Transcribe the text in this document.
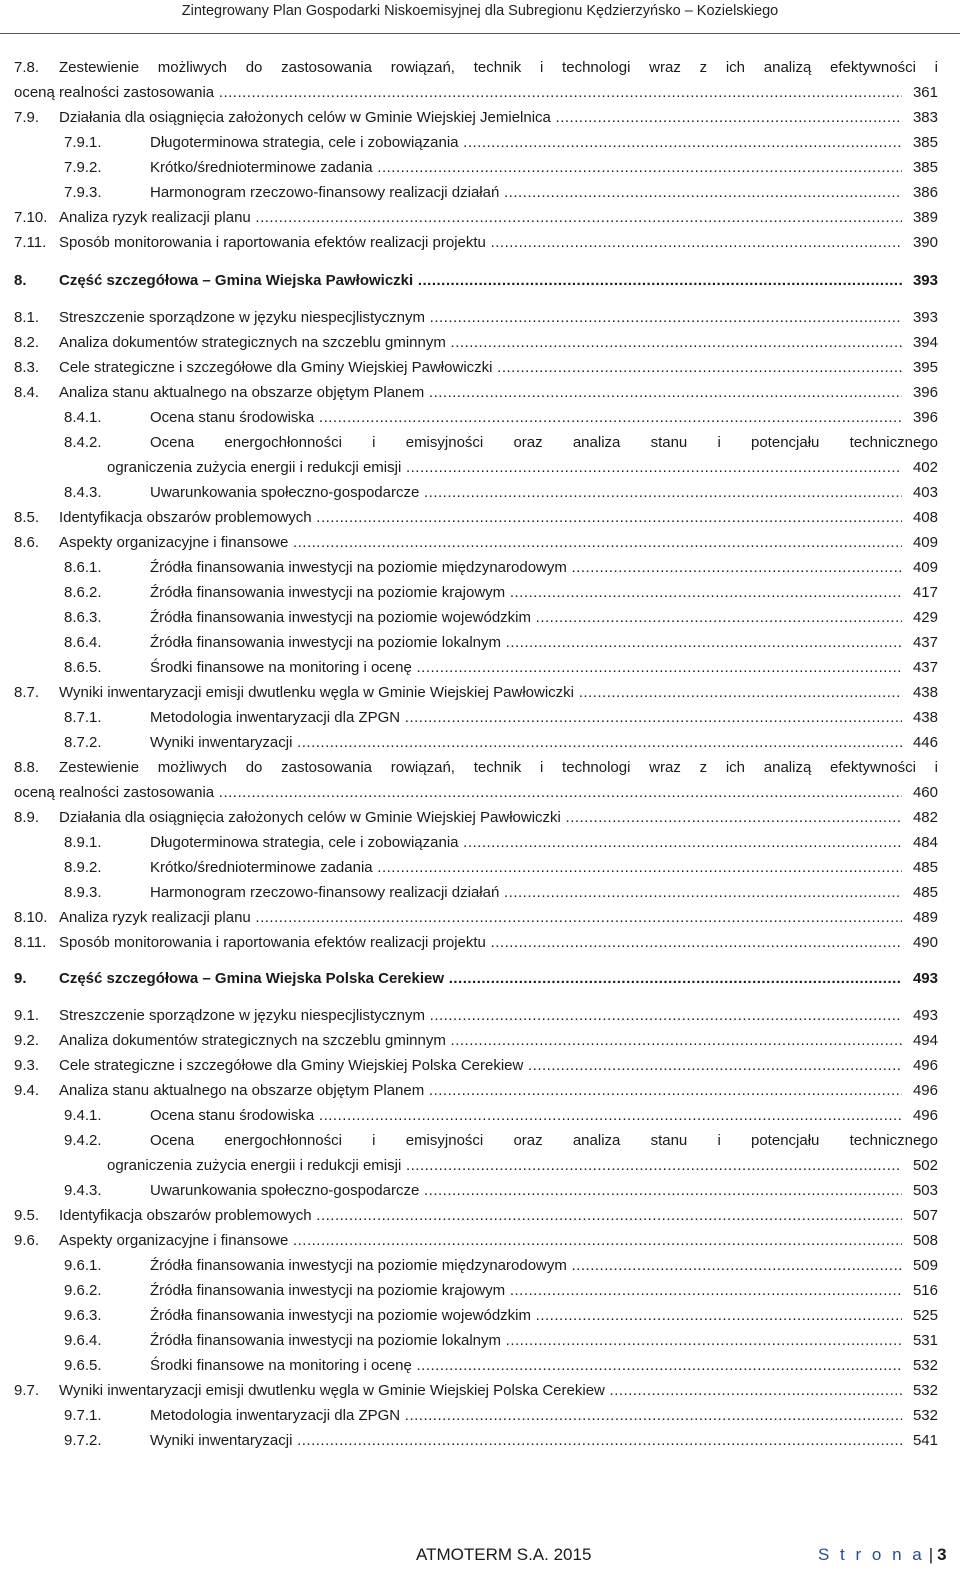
Zintegrowany Plan Gospodarki Niskoemisyjnej dla Subregionu Kędzierzyńsko – Kozielskiego
7.8. Zestewienie możliwych do zastosowania rowiązań, technik i technologi wraz z ich analizą efektywności i
oceną realności zastosowania .....	361
7.9. Działania dla osiągnięcia założonych celów w Gminie Wiejskiej Jemielnica .....	383
7.9.1.	Długoterminowa strategia, cele i zobowiązania .....	385
7.9.2.	Krótko/średnioterminowe zadania .....	385
7.9.3.	Harmonogram rzeczowo-finansowy realizacji działań .....	386
7.10. Analiza ryzyk realizacji planu .....	389
7.11. Sposób monitorowania i raportowania efektów realizacji projektu .....	390
8. Część szczegółowa – Gmina Wiejska Pawłowiczki .....	393
8.1. Streszczenie sporządzone w języku niespecjlistycznym .....	393
8.2. Analiza dokumentów strategicznych na szczeblu gminnym .....	394
8.3. Cele strategiczne i szczegółowe dla Gminy Wiejskiej Pawłowiczki .....	395
8.4. Analiza stanu aktualnego na obszarze objętym Planem .....	396
8.4.1.	Ocena stanu środowiska .....	396
8.4.2.	Ocena energochłonności i emisyjności oraz analiza stanu i potencjału technicznego
ograniczenia zużycia energii i redukcji emisji .....	402
8.4.3.	Uwarunkowania społeczno-gospodarcze .....	403
8.5. Identyfikacja obszarów problemowych .....	408
8.6. Aspekty organizacyjne i finansowe .....	409
8.6.1.	Źródła finansowania inwestycji na poziomie międzynarodowym .....	409
8.6.2.	Źródła finansowania inwestycji na poziomie krajowym .....	417
8.6.3.	Źródła finansowania inwestycji na poziomie wojewódzkim .....	429
8.6.4.	Źródła finansowania inwestycji na poziomie lokalnym .....	437
8.6.5.	Środki finansowe na monitoring i ocenę .....	437
8.7. Wyniki inwentaryzacji emisji dwutlenku węgla w Gminie Wiejskiej Pawłowiczki .....	438
8.7.1.	Metodologia inwentaryzacji dla ZPGN .....	438
8.7.2.	Wyniki inwentaryzacji .....	446
8.8. Zestewienie możliwych do zastosowania rowiązań, technik i technologi wraz z ich analizą efektywności i
oceną realności zastosowania .....	460
8.9. Działania dla osiągnięcia założonych celów w Gminie Wiejskiej Pawłowiczki .....	482
8.9.1.	Długoterminowa strategia, cele i zobowiązania .....	484
8.9.2.	Krótko/średnioterminowe zadania .....	485
8.9.3.	Harmonogram rzeczowo-finansowy realizacji działań .....	485
8.10. Analiza ryzyk realizacji planu .....	489
8.11. Sposób monitorowania i raportowania efektów realizacji projektu .....	490
9. Część szczegółowa – Gmina Wiejska Polska Cerekiew .....	493
9.1. Streszczenie sporządzone w języku niespecjlistycznym .....	493
9.2. Analiza dokumentów strategicznych na szczeblu gminnym .....	494
9.3. Cele strategiczne i szczegółowe dla Gminy Wiejskiej Polska Cerekiew .....	496
9.4. Analiza stanu aktualnego na obszarze objętym Planem .....	496
9.4.1.	Ocena stanu środowiska .....	496
9.4.2.	Ocena energochłonności i emisyjności oraz analiza stanu i potencjału technicznego
ograniczenia zużycia energii i redukcji emisji .....	502
9.4.3.	Uwarunkowania społeczno-gospodarcze .....	503
9.5. Identyfikacja obszarów problemowych .....	507
9.6. Aspekty organizacyjne i finansowe .....	508
9.6.1.	Źródła finansowania inwestycji na poziomie międzynarodowym .....	509
9.6.2.	Źródła finansowania inwestycji na poziomie krajowym .....	516
9.6.3.	Źródła finansowania inwestycji na poziomie wojewódzkim .....	525
9.6.4.	Źródła finansowania inwestycji na poziomie lokalnym .....	531
9.6.5.	Środki finansowe na monitoring i ocenę .....	532
9.7. Wyniki inwentaryzacji emisji dwutlenku węgla w Gminie Wiejskiej Polska Cerekiew .....	532
9.7.1.	Metodologia inwentaryzacji dla ZPGN .....	532
9.7.2.	Wyniki inwentaryzacji .....	541
ATMOTERM S.A. 2015	S t r o n a | 3
